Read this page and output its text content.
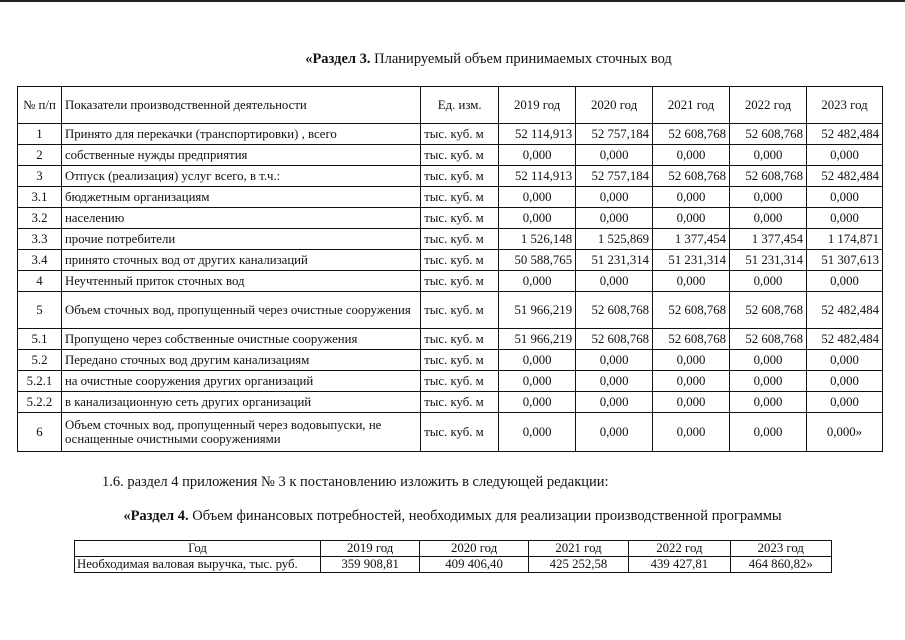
«Раздел 3. Планируемый объем принимаемых сточных вод
№ п/п	Показатели производственной деятельности	Ед. изм.	2019 год	2020 год	2021 год	2022 год	2023 год
1	Принято для перекачки (транспортировки) , всего	тыс. куб. м	52 114,913	52 757,184	52 608,768	52 608,768	52 482,484
2	собственные нужды предприятия	тыс. куб. м	0,000	0,000	0,000	0,000	0,000
3	Отпуск (реализация) услуг всего, в т.ч.:	тыс. куб. м	52 114,913	52 757,184	52 608,768	52 608,768	52 482,484
3.1	бюджетным организациям	тыс. куб. м	0,000	0,000	0,000	0,000	0,000
3.2	населению	тыс. куб. м	0,000	0,000	0,000	0,000	0,000
3.3	прочие потребители	тыс. куб. м	1 526,148	1 525,869	1 377,454	1 377,454	1 174,871
3.4	принято сточных вод от других канализаций	тыс. куб. м	50 588,765	51 231,314	51 231,314	51 231,314	51 307,613
4	Неучтенный приток сточных вод	тыс. куб. м	0,000	0,000	0,000	0,000	0,000
5	Объем сточных вод, пропущенный через очистные сооружения	тыс. куб. м	51 966,219	52 608,768	52 608,768	52 608,768	52 482,484
5.1	Пропущено через собственные очистные сооружения	тыс. куб. м	51 966,219	52 608,768	52 608,768	52 608,768	52 482,484
5.2	Передано сточных вод другим канализациям	тыс. куб. м	0,000	0,000	0,000	0,000	0,000
5.2.1	на очистные сооружения других организаций	тыс. куб. м	0,000	0,000	0,000	0,000	0,000
5.2.2	в канализационную сеть других организаций	тыс. куб. м	0,000	0,000	0,000	0,000	0,000
6	Объем сточных вод, пропущенный через водовыпуски, не оснащенные очистными сооружениями	тыс. куб. м	0,000	0,000	0,000	0,000	0,000»
1.6. раздел 4 приложения № 3 к постановлению изложить в следующей редакции:
«Раздел 4. Объем финансовых потребностей, необходимых для реализации производственной программы
Год	2019 год	2020 год	2021 год	2022 год	2023 год
Необходимая валовая выручка, тыс. руб.	359 908,81	409 406,40	425 252,58	439 427,81	464 860,82»
